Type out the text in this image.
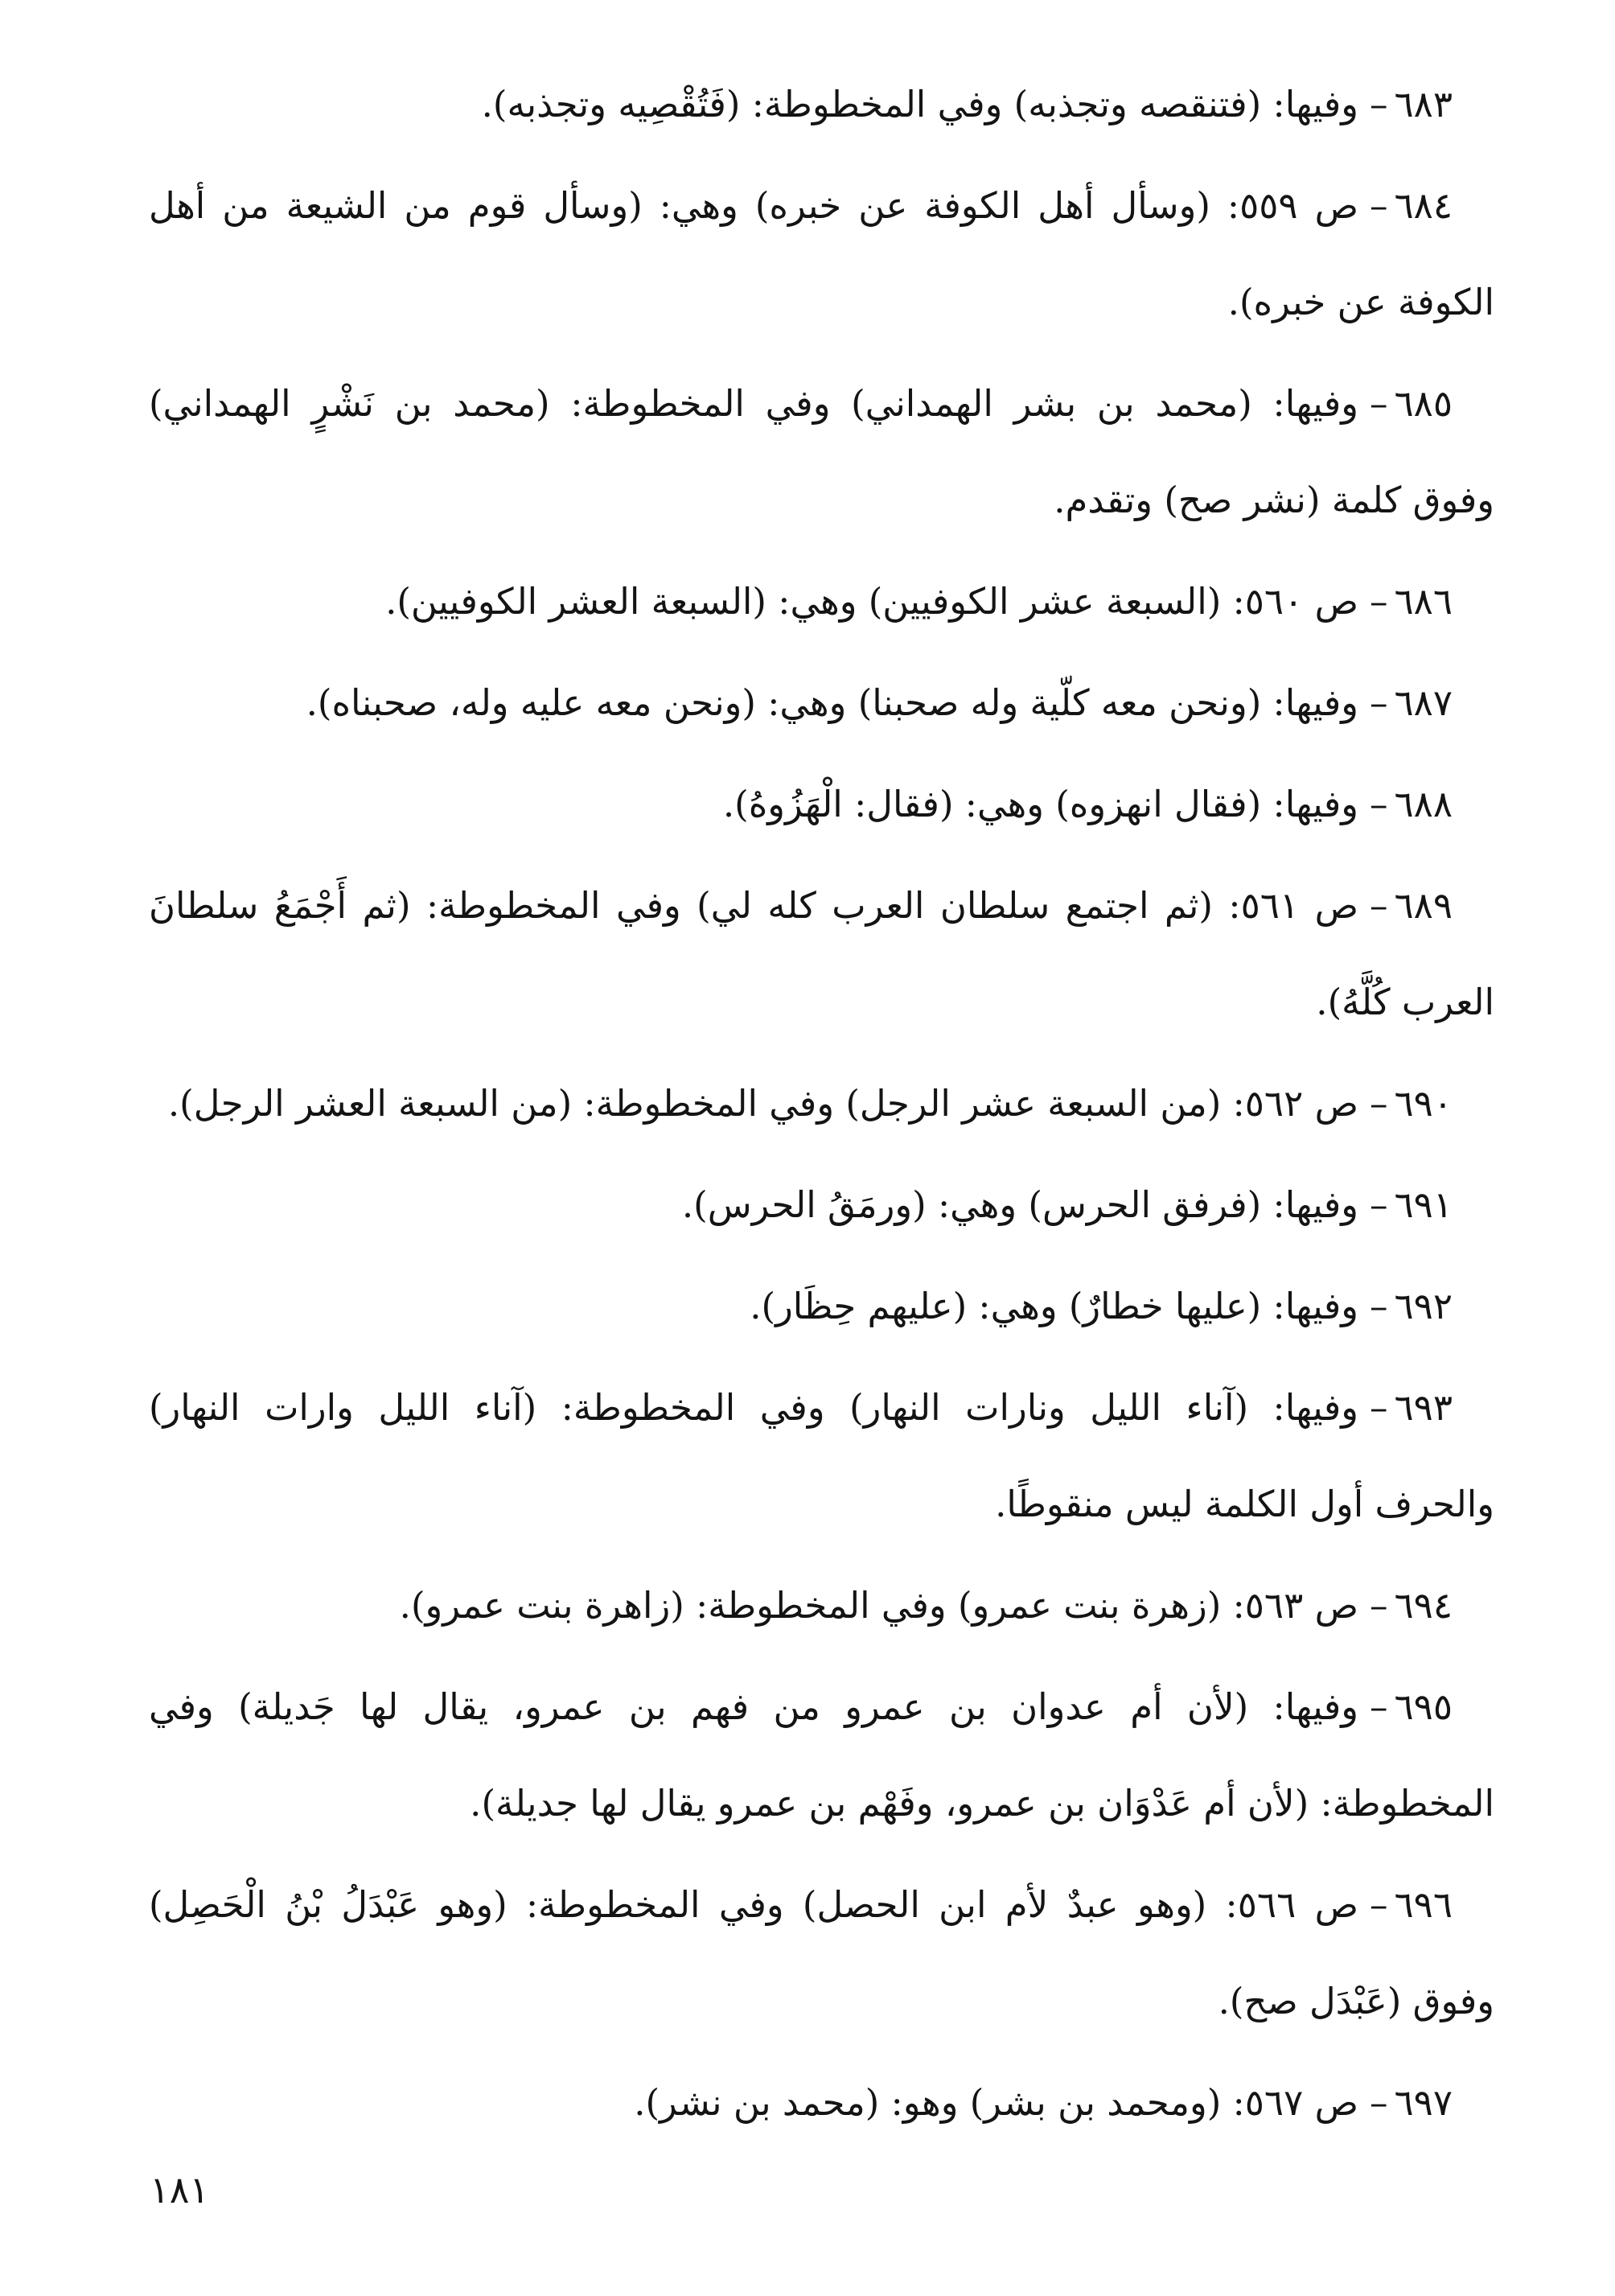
٦٨٣–وفيها: (فتنقصه وتجذبه) وفي المخطوطة: (فَتُقْصِيه وتجذبه).

٦٨٤–ص ٥٥٩: (وسأل أهل الكوفة عن خبره) وهي: (وسأل قوم من الشيعة من أهل الكوفة عن خبره).

٦٨٥–وفيها: (محمد بن بشر الهمداني) وفي المخطوطة: (محمد بن نَشْرٍ الهمداني) وفوق كلمة (نشر صح) وتقدم.

٦٨٦–ص ٥٦٠: (السبعة عشر الكوفيين) وهي: (السبعة العشر الكوفيين).

٦٨٧–وفيها: (ونحن معه كلّية وله صحبنا) وهي: (ونحن معه عليه وله، صحبناه).

٦٨٨–وفيها: (فقال انهزوه) وهي: (فقال: الْهَزُوهُ).

٦٨٩–ص ٥٦١: (ثم اجتمع سلطان العرب كله لي) وفي المخطوطة: (ثم أَجْمَعُ سلطانَ العرب كُلَّهُ).

٦٩٠–ص ٥٦٢: (من السبعة عشر الرجل) وفي المخطوطة: (من السبعة العشر الرجل).

٦٩١–وفيها: (فرفق الحرس) وهي: (ورمَقُ الحرس).

٦٩٢–وفيها: (عليها خطارٌ) وهي: (عليهم حِظَار).

٦٩٣–وفيها: (آناء الليل ونارات النهار) وفي المخطوطة: (آناء الليل وارات النهار) والحرف أول الكلمة ليس منقوطًا.

٦٩٤–ص ٥٦٣: (زهرة بنت عمرو) وفي المخطوطة: (زاهرة بنت عمرو).

٦٩٥–وفيها: (لأن أم عدوان بن عمرو من فهم بن عمرو، يقال لها جَديلة) وفي المخطوطة: (لأن أم عَدْوَان بن عمرو، وفَهْم بن عمرو يقال لها جديلة).

٦٩٦–ص ٥٦٦: (وهو عبدٌ لأم ابن الحصل) وفي المخطوطة: (وهو عَبْدَلُ بْنُ الْحَصِل) وفوق (عَبْدَل صح).

٦٩٧–ص ٥٦٧: (ومحمد بن بشر) وهو: (محمد بن نشر).

١٨١
